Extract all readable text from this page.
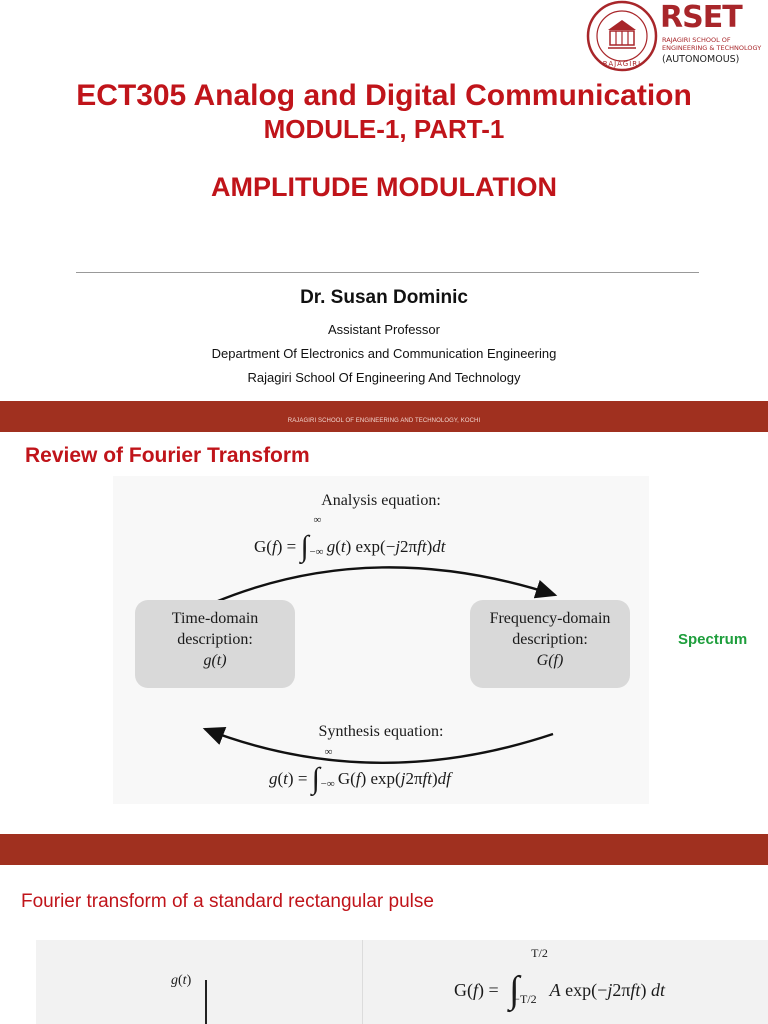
RAJAGIRI
RSET
RAJAGIRI SCHOOL OF
ENGINEERING & TECHNOLOGY
(AUTONOMOUS)
ECT305 Analog and Digital Communication
MODULE-1, PART-1
AMPLITUDE MODULATION
Dr. Susan Dominic
Assistant Professor
Department Of Electronics and Communication Engineering
Rajagiri School Of Engineering And Technology
RAJAGIRI SCHOOL OF ENGINEERING AND TECHNOLOGY, KOCHI
Review of Fourier Transform
Analysis equation:
G(f) = ∫
∞
−∞ g(t) exp(−j2πft)dt
Time-domain
description:
g(t)
Frequency-domain
description:
G(f)
Synthesis equation:
g(t) = ∫
∞
−∞ G(f) exp(j2πft)df
Spectrum
Fourier transform of a standard rectangular pulse
g(t)	G(f) = ∫
T/2
−T/2 A exp(−j2πft) dt
